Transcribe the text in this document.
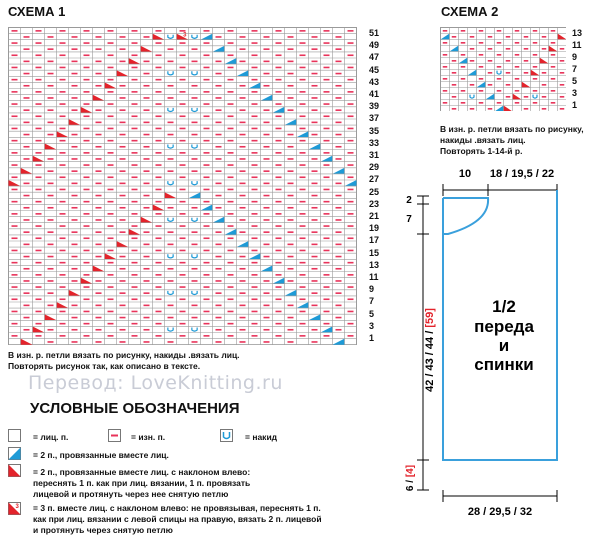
СХЕМА 1
3	51
49
47
45
43
41
39
37
35
33
31
29
27
25
23
21
19
17
15
13
11
9
7
5
3
1
В изн. р. петли вязать по рисунку, накиды .вязать лиц.
Повторять рисунок так, как описано в тексте.
СХЕМА 2
13
11
9
7
5
3
1
В изн. р. петли вязать по рисунку,
накиды .вязать лиц.
Повторять 1-14-й р.
Перевод: LoveKnitting.ru
УСЛОВНЫЕ ОБОЗНАЧЕНИЯ
= лиц. п.	= изн. п.	= накид
= 2 п., провязанные вместе лиц.
= 2 п., провязанные вместе лиц. с наклоном влево:
переснять 1 п. как при лиц. вязании, 1 п. провязать
лицевой и протянуть через нее снятую петлю
3 = 3 п. вместе лиц. с наклоном влево: не провязывая, переснять 1 п.
как при лиц. вязании с левой спицы на правую, вязать 2 п. лицевой
и протянуть через снятую петлю
10 18 / 19,5 / 22
2
7
42 / 43 / 44 / [59]
6 / [4]
28 / 29,5 / 32
1/2
переда
и
спинки
